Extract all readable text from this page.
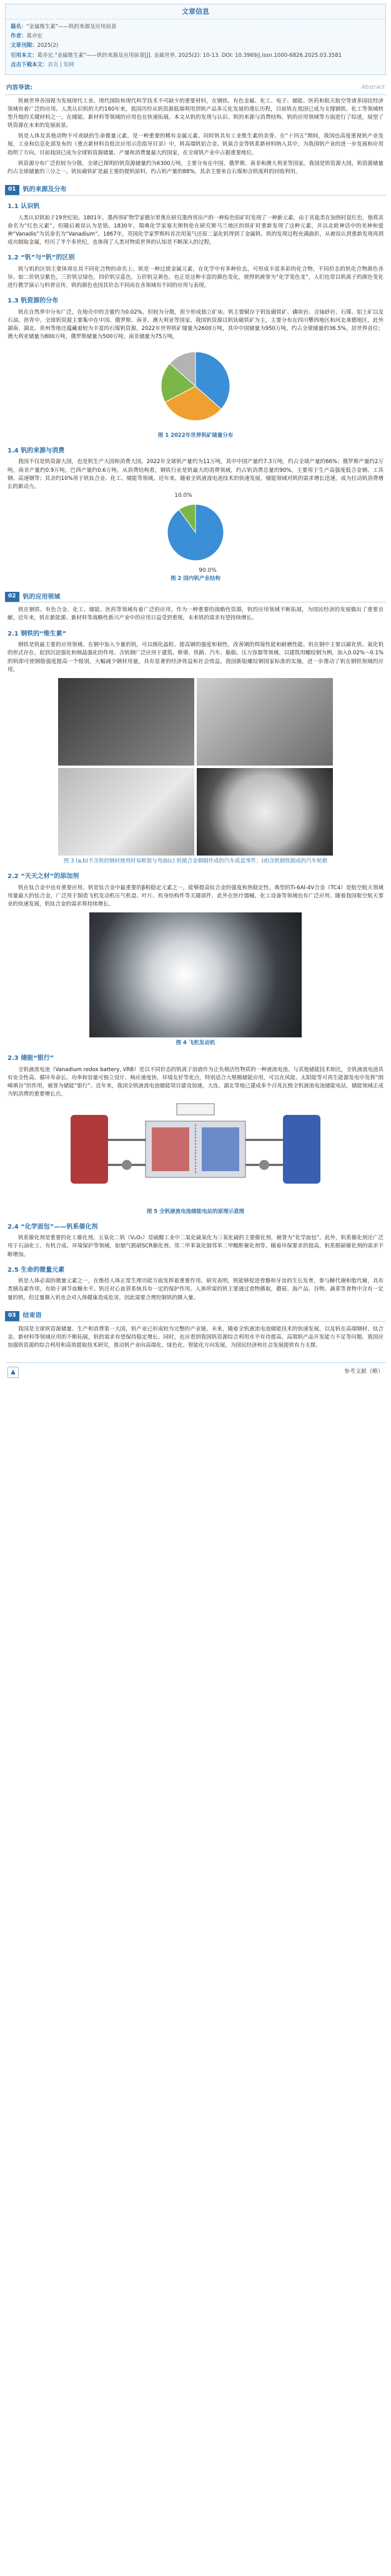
文章信息
篇名："金属维生素"——钒的来源及应用前景
作者：葛亦宏
文章刊期：2025(2)
引用本文：葛亦宏."金属维生素"——钒的来源及应用前景[J]. 金属世界, 2025(2): 10-13. DOI: 10.3969/j.issn.1000-6826.2025.03.3581
点击下载本文：首页 | 知网
内容导读:	Abstract

钒被世界各国视为发展现代工业、现代国防和现代科学技术不可缺少的重要材料，在钢铁、有色金属、化工、电子、储能、医药和航天航空等诸多国民经济领域有着广泛的应用。人类认识钒的大约160年来，我国历经从钒资源低端利用到钒产品多元化发展的漫长历程，目前钒在我国已成为支撑钢铁、化工等领域转型升级的关键材料之一，在储能、新材料等领域的应用也在快速拓展。本文从钒的发现与认识、钒的来源与消费结构、钒的应用领域等方面进行了综述，展望了钒资源在未来的发展前景。

钒是人体及其他动物不可或缺的生命微量元素，是一种重要的稀有金属元素。同时钒具有工业维生素的美誉。在“十四五”期间，我国也高度重视钒产业发展，工业和信息化部发布的《重点新材料首批次应用示范指导目录》中，将高端钒铝合金、钒氮合金等钒系新材料纳入其中，为我国钒产业的进一步发展和应用指明了方向。目前我国已成为全球钒资源储量、产量和消费量最大的国家，在全球钒产业中占据重要地位。

钒资源分布广泛但较为分散，全球已探明的钒资源储量约为6300万吨，主要分布在中国、俄罗斯、南非和澳大利亚等国家。我国是钒资源大国，钒资源储量约占全球储量的三分之一。钒钛磁铁矿是最主要的提钒原料，约占钒产量的88%，其余主要来自石煤和含钒废料的回收利用。

01	钒的来源及分布
1.1 认识钒

人类认识钒始于19世纪初。1801年，墨西哥矿物学家德尔里奥在研究墨西哥出产的一种棕色铅矿时发现了一种新元素，由于其盐类在加热时显红色，他将其命名为“红色元素”，但随后被误认为是铬。1830年，瑞典化学家塞夫斯特伦在研究斯马兰地区的铁矿时重新发现了这种元素，并以北欧神话中的美神和爱神“Vanadis”为其命名为“Vanadium”。1867年，英国化学家罗斯科首次用氢气还原二氯化钒得到了金属钒。钒的发现过程充满曲折，从被误认到重新发现再到成功制取金属，经历了半个多世纪，也体现了人类对物质世界的认知是不断深入的过程。

1.2 “钒”与“钒”的区别

钒与钒的区别主要体现在其不同化合物的命名上。钒是一种过渡金属元素，在化学中有多种价态，可形成丰富多彩的化合物，不同价态的钒化合物颜色各异。如二价钒呈紫色，三价钒呈绿色，四价钒呈蓝色，五价钒呈黄色。也正是这种丰富的颜色变化，使得钒被誉为“化学变色龙”，人们也常以钒离子的颜色变化进行教学演示与科普宣传，钒的颜色也因其价态不同而在各领域有不同的应用与表现。

1.3 钒资源的分布

钒在自然界中分布广泛，在地壳中的含量约为0.02%，但较为分散，很少形成独立矿床。钒主要赋存于钒钛磁铁矿、磷块岩、含铀砂岩、石煤、铝土矿以及石油、沥青中。全球钒资源主要集中在中国、俄罗斯、南非、澳大利亚等国家。我国钒资源以钒钛磁铁矿为主，主要分布在四川攀西地区和河北承德地区，此外湖南、湖北、贵州等地还蕴藏着较为丰富的石煤钒资源。2022年世界钒矿储量为2600万吨，其中中国储量为950万吨，约占全球储量的36.5%，居世界首位；澳大利亚储量为800万吨，俄罗斯储量为500万吨，南非储量为75万吨。

图 1 2022年世界钒矿储量分布
1.4 钒的来源与消费

我国不仅是钒资源大国，也是钒生产大国和消费大国。2022年全球钒产量约为11万吨，其中中国产量约7.3万吨，约占全球产量的66%；俄罗斯产量约2万吨，南非产量约0.9万吨，巴西产量约0.6万吨。从消费结构看，钢铁行业是钒最大的消费领域，约占钒消费总量的90%，主要用于生产高强度低合金钢、工具钢、高速钢等；其余约10%用于钒钛合金、化工、储能等领域。近年来，随着全钒液流电池技术的快速发展，储能领域对钒的需求增长迅速，成为拉动钒消费增长的新动力。

90.0%
10.0%
图 2 国内钒产业结构
02	钒的应用领域

钒在钢铁、有色合金、化工、储能、医药等领域有着广泛的应用。作为一种重要的战略性资源，钒的应用领域不断拓展，为国民经济的发展做出了重要贡献。近年来，钒在新能源、新材料等战略性新兴产业中的应用日益受到重视，未来钒的需求有望持续增长。

2.1 钢铁的“维生素”

钢铁是钒最主要的应用领域。在钢中加入少量的钒，可以细化晶粒、提高钢的强度和韧性，改善钢的焊接性能和耐磨性能。钒在钢中主要以碳化钒、氮化钒的形式存在，起到沉淀强化和细晶强化的作用。含钒钢广泛应用于建筑、桥梁、铁路、汽车、船舶、压力容器等领域。以建筑用螺纹钢为例，加入0.02%～0.1%的钒即可使钢筋强度提高一个级别，大幅减少钢材用量，具有显著的经济效益和社会效益。我国新版螺纹钢国家标准的实施，进一步推动了钒在钢铁领域的应用。

图 3 (a,b)不含钒的钢材使用时易断裂与弯曲(c) 钒微合金钢制作成的汽车底盘零件；(d)含钒钢铁制成的汽车轮毂
2.2 “天天之材”的添加剂

钒在钛合金中也有重要应用。钒是钛合金中最重要的β相稳定元素之一，能够提高钛合金的强度和热稳定性。典型的Ti-6Al-4V合金（TC4）是航空航天领域用量最大的钛合金，广泛用于制造飞机发动机压气机盘、叶片、机身结构件等关键部件，此外在医疗器械、化工设备等领域也有广泛应用。随着我国航空航天事业的快速发展，钒钛合金的需求将持续增长。

图 4 飞机发动机
2.3 储能“银行”

全钒液流电池（Vanadium redox battery, VRB）是以不同价态的钒离子溶液作为正负极活性物质的一种液流电池。与其他储能技术相比，全钒液流电池具有安全性高、循环寿命长、功率和容量可独立设计、响应速度快、环境友好等优点，特别适合大规模储能应用，可以在风能、太阳能等可再生能源发电中发挥“削峰填谷”的作用，被誉为储能“银行”。近年来，我国全钒液流电池储能项目建设加速，大连、湖北等地已建成多个百兆瓦级全钒液流电池储能电站，储能领域正成为钒消费的重要增长点。

图 5 全钒液流电池储能电站的原理示意图
2.4 “化学面包”——钒系催化剂

钒系催化剂是重要的化工催化剂。五氧化二钒（V₂O₅）是硫酸工业中二氧化硫氧化为三氧化硫的主要催化剂，被誉为“化学面包”。此外，钒系催化剂还广泛用于石油化工、有机合成、环境保护等领域，如烟气脱硝SCR催化剂、邻二甲苯氧化制邻苯二甲酸酐催化剂等。随着环保要求的提高，钒系脱硝催化剂的需求不断增加。

2.5 生命的微量元素

钒是人体必需的微量元素之一，在维持人体正常生理功能方面发挥着重要作用。研究表明，钒能够促进骨骼和牙齿的生长发育，参与糖代谢和脂代谢，具有类胰岛素作用，有助于调节血糖水平。钒还对心血管系统具有一定的保护作用。人体所需的钒主要通过食物摄取，蘑菇、海产品、谷物、蔬菜等食物中含有一定量的钒。但过量摄入钒也会对人体健康造成危害，因此需要合理控制钒的摄入量。

03	结束语

我国是全球钒资源储量、生产和消费第一大国，钒产业已形成较为完整的产业链。未来，随着全钒液流电池储能技术的快速发展，以及钒在高端钢材、钛合金、新材料等领域应用的不断拓展，钒的需求有望保持稳定增长。同时，也应看到我国钒资源综合利用水平有待提高、高端钒产品开发能力不足等问题。我国应加强钒资源的综合利用和高效提取技术研究，推动钒产业向高端化、绿色化、智能化方向发展，为国民经济和社会发展提供有力支撑。

▲	参考文献（略）
